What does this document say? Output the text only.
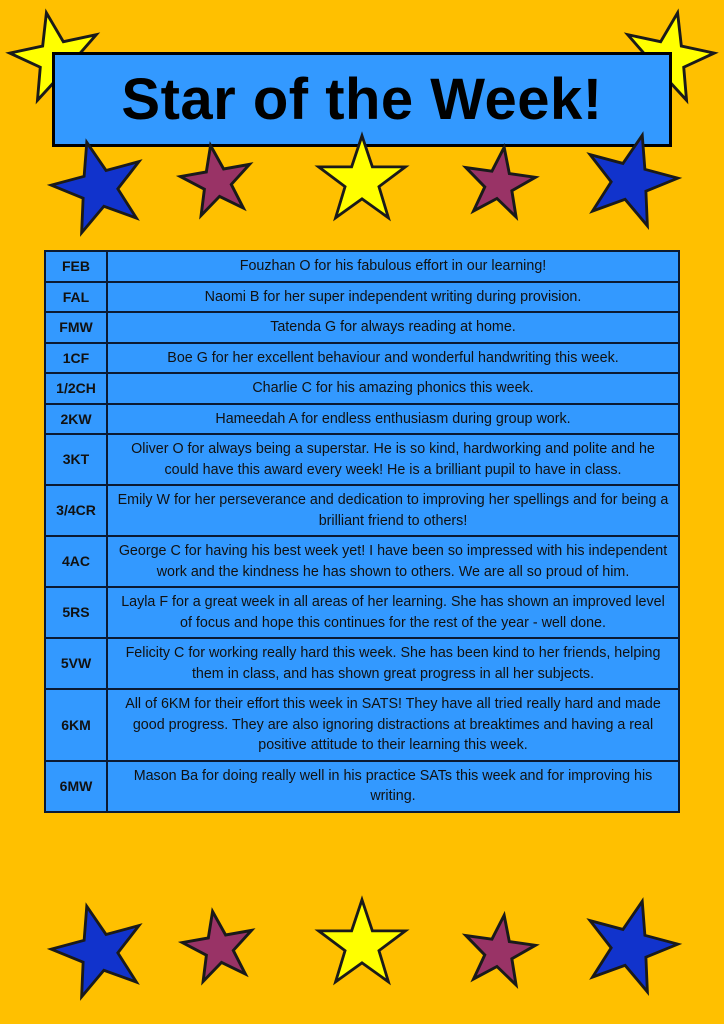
Star of the Week!
FEB	Fouzhan O for his fabulous effort in our learning!
FAL	Naomi B for her super independent writing during provision.
FMW	Tatenda G for always reading at home.
1CF	Boe G for her excellent behaviour and wonderful handwriting this week.
1/2CH	Charlie C for his amazing phonics this week.
2KW	Hameedah A for endless enthusiasm during group work.
3KT	Oliver O for always being a superstar. He is so kind, hardworking and polite and he could have this award every week! He is a brilliant pupil to have in class.
3/4CR	Emily W for her perseverance and dedication to improving her spellings and for being a brilliant friend to others!
4AC	George C for having his best week yet! I have been so impressed with his independent work and the kindness he has shown to others. We are all so proud of him.
5RS	Layla F for a great week in all areas of her learning. She has shown an improved level of focus and hope this continues for the rest of the year - well done.
5VW	Felicity C for working really hard this week. She has been kind to her friends, helping them in class, and has shown great progress in all her subjects.
6KM	All of 6KM for their effort this week in SATS! They have all tried really hard and made good progress. They are also ignoring distractions at breaktimes and having a real positive attitude to their learning this week.
6MW	Mason Ba for doing really well in his practice SATs this week and for improving his writing.
